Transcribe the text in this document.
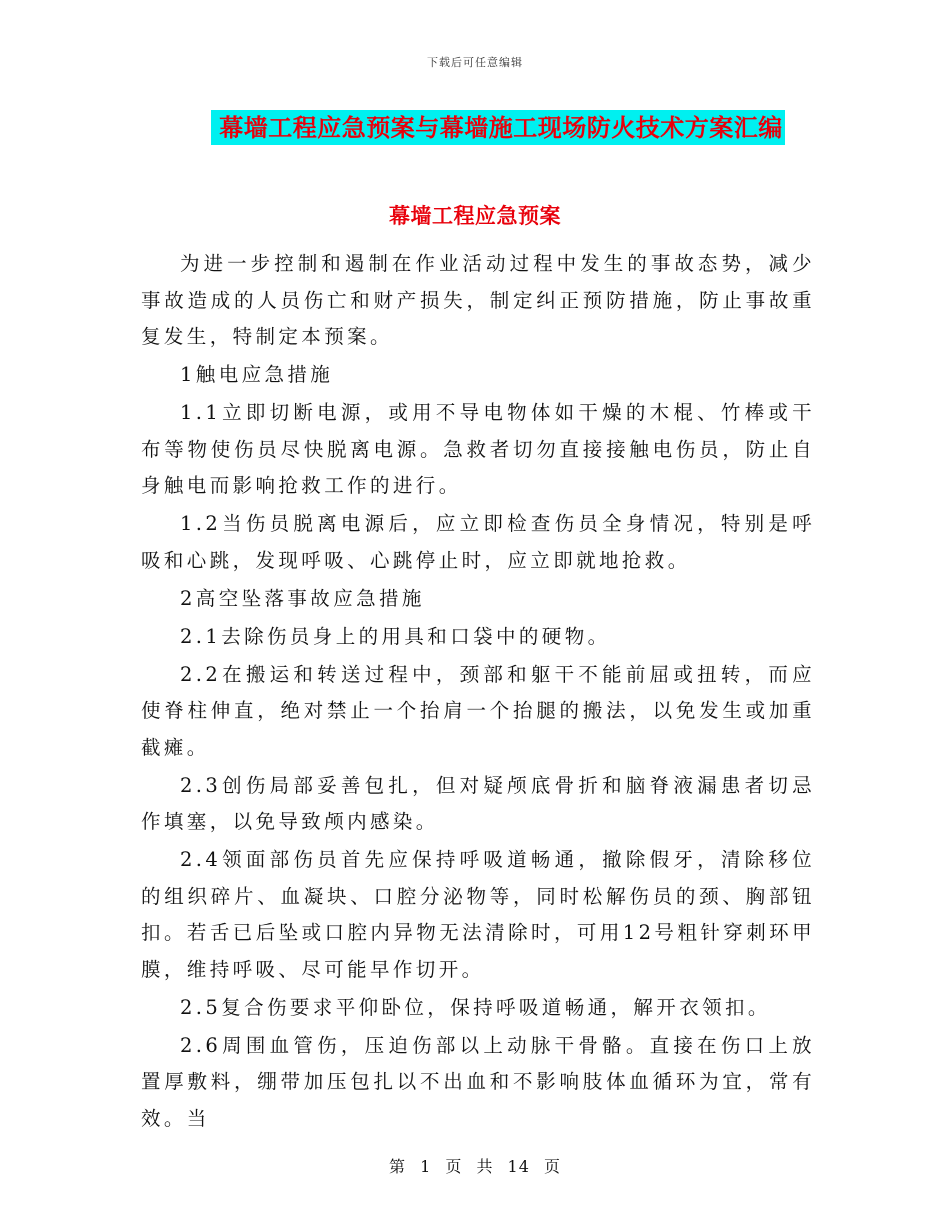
下载后可任意编辑
幕墙工程应急预案与幕墙施工现场防火技术方案汇编
幕墙工程应急预案

为进一步控制和遏制在作业活动过程中发生的事故态势，减少事故造成的人员伤亡和财产损失，制定纠正预防措施，防止事故重复发生，特制定本预案。

1触电应急措施

1.1立即切断电源，或用不导电物体如干燥的木棍、竹棒或干布等物使伤员尽快脱离电源。急救者切勿直接接触电伤员，防止自身触电而影响抢救工作的进行。

1.2当伤员脱离电源后，应立即检查伤员全身情况，特别是呼吸和心跳，发现呼吸、心跳停止时，应立即就地抢救。

2高空坠落事故应急措施

2.1去除伤员身上的用具和口袋中的硬物。

2.2在搬运和转送过程中，颈部和躯干不能前屈或扭转，而应使脊柱伸直，绝对禁止一个抬肩一个抬腿的搬法，以免发生或加重截瘫。

2.3创伤局部妥善包扎，但对疑颅底骨折和脑脊液漏患者切忌作填塞，以免导致颅内感染。

2.4领面部伤员首先应保持呼吸道畅通，撤除假牙，清除移位的组织碎片、血凝块、口腔分泌物等，同时松解伤员的颈、胸部钮扣。若舌已后坠或口腔内异物无法清除时，可用12号粗针穿刺环甲膜，维持呼吸、尽可能早作切开。

2.5复合伤要求平仰卧位，保持呼吸道畅通，解开衣领扣。

2.6周围血管伤，压迫伤部以上动脉干骨骼。直接在伤口上放置厚敷料，绷带加压包扎以不出血和不影响肢体血循环为宜，常有效。当

第 1 页 共 14 页
